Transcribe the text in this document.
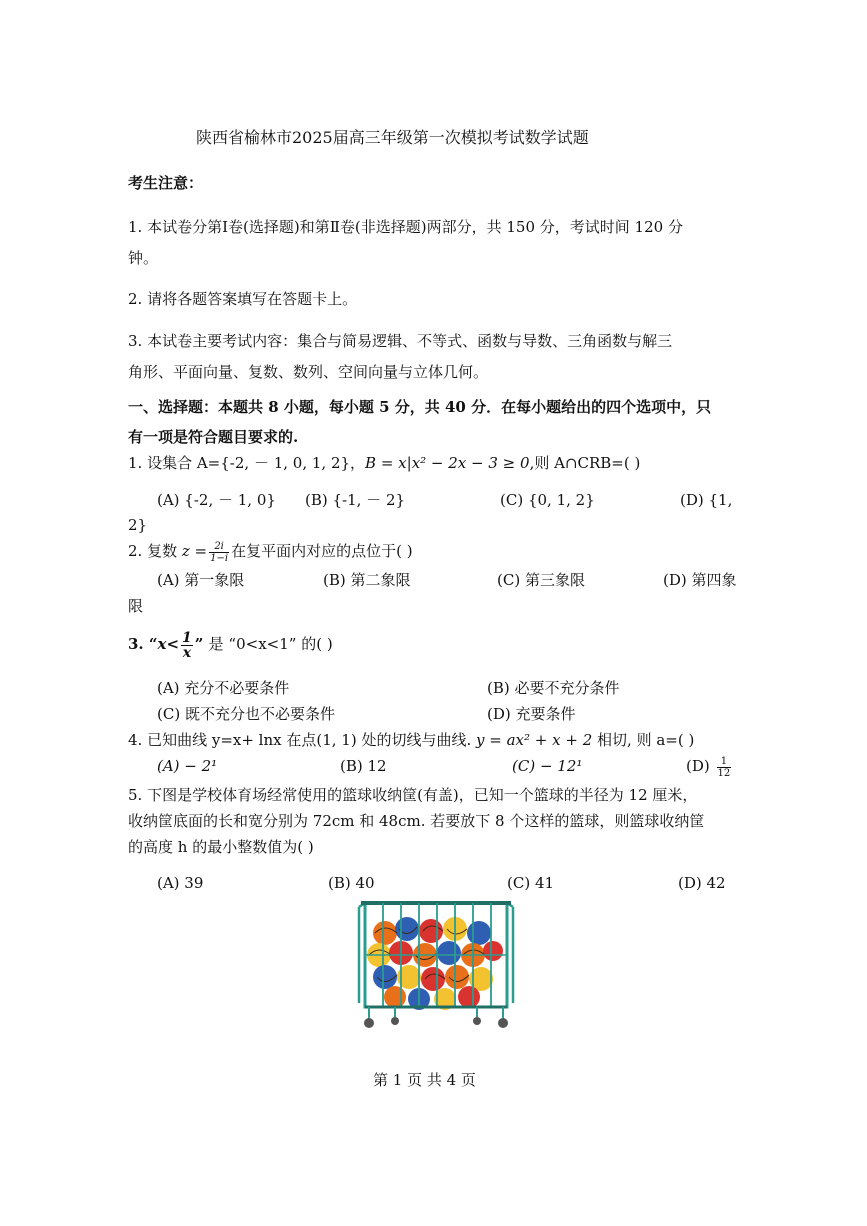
陕西省榆林市2025届高三年级第一次模拟考试数学试题
考生注意：
1. 本试卷分第Ⅰ卷(选择题)和第Ⅱ卷(非选择题)两部分，共 150 分，考试时间 120 分
钟。
2. 请将各题答案填写在答题卡上。
3. 本试卷主要考试内容：集合与简易逻辑、不等式、函数与导数、三角函数与解三
角形、平面向量、复数、数列、空间向量与立体几何。
一、选择题：本题共 8 小题，每小题 5 分，共 40 分．在每小题给出的四个选项中，只
有一项是符合题目要求的.
1. 设集合 A={-2, － 1, 0, 1, 2}，B = x|x² − 2x − 3 ≥ 0,则 A∩CRB=( )
(A) {-2, － 1, 0} (B) {-1, － 2}	(C) {0, 1, 2}	(D) {1,
2}
2. 复数 $z = \frac{2i}{1-i}$ 在复平面内对应的点位于( )
(A) 第一象限	(B) 第二象限	(C) 第三象限	(D) 第四象
限
3. “$x< \frac{1}{x}$ ” 是 “0<x<1” 的( )
(A) 充分不必要条件	(B) 必要不充分条件
(C) 既不充分也不必要条件	(D) 充要条件
4. 已知曲线 y=x+ lnx 在点(1, 1) 处的切线与曲线. y = ax² + x + 2 相切, 则 a=( )
(A) − 2¹	(B) 12	(C) − 12¹	$(D) \frac{1}{12}$
5. 下图是学校体育场经常使用的篮球收纳筐(有盖)，已知一个篮球的半径为 12 厘米，
收纳筐底面的长和宽分别为 72cm 和 48cm. 若要放下 8 个这样的篮球，则篮球收纳筐
的高度 h 的最小整数值为( )
(A) 39	(B) 40	(C) 41	(D) 42
第 1 页 共 4 页
